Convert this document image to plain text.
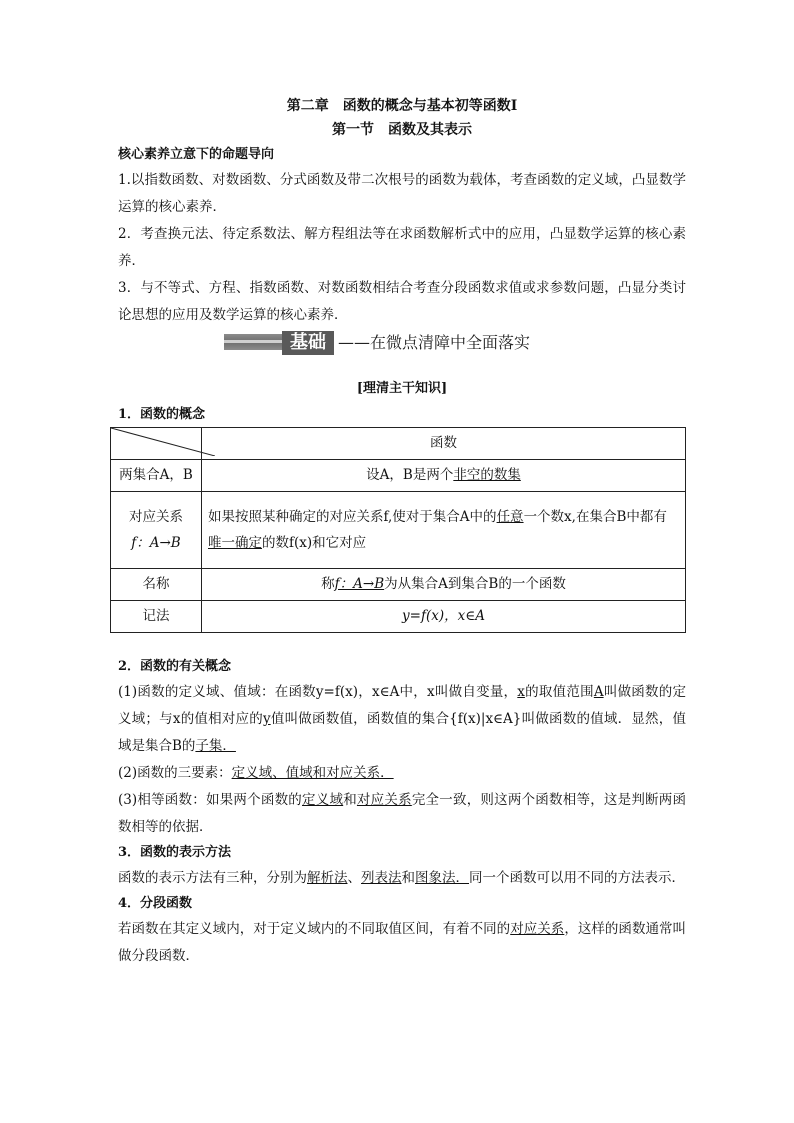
第二章　函数的概念与基本初等函数Ⅰ
第一节　函数及其表示
核心素养立意下的命题导向
1.以指数函数、对数函数、分式函数及带二次根号的函数为载体，考查函数的定义域，凸显数学运算的核心素养．
2．考查换元法、待定系数法、解方程组法等在求函数解析式中的应用，凸显数学运算的核心素养．
3．与不等式、方程、指数函数、对数函数相结合考查分段函数求值或求参数问题，凸显分类讨论思想的应用及数学运算的核心素养．
基础 ——在微点清障中全面落实
[理清主干知识]
1．函数的概念
	函数
两集合A，B	设A，B是两个非空的数集

对应关系
f：A→B	如果按照某种确定的对应关系f,使对于集合A中的任意一个数x,在集合B中都有唯一确定的数f(x)和它对应
名称	称f：A→B为从集合A到集合B的一个函数
记法	y=f(x)，x∈A
2．函数的有关概念
(1)函数的定义域、值域：在函数y=f(x)，x∈A中，x叫做自变量，x的取值范围A叫做函数的定义域；与x的值相对应的y值叫做函数值，函数值的集合{f(x)|x∈A}叫做函数的值域．显然，值域是集合B的子集．
(2)函数的三要素：定义域、值域和对应关系．
(3)相等函数：如果两个函数的定义域和对应关系完全一致，则这两个函数相等，这是判断两函数相等的依据．
3．函数的表示方法
函数的表示方法有三种，分别为解析法、列表法和图象法．同一个函数可以用不同的方法表示．
4．分段函数
若函数在其定义域内，对于定义域内的不同取值区间，有着不同的对应关系，这样的函数通常叫做分段函数．
